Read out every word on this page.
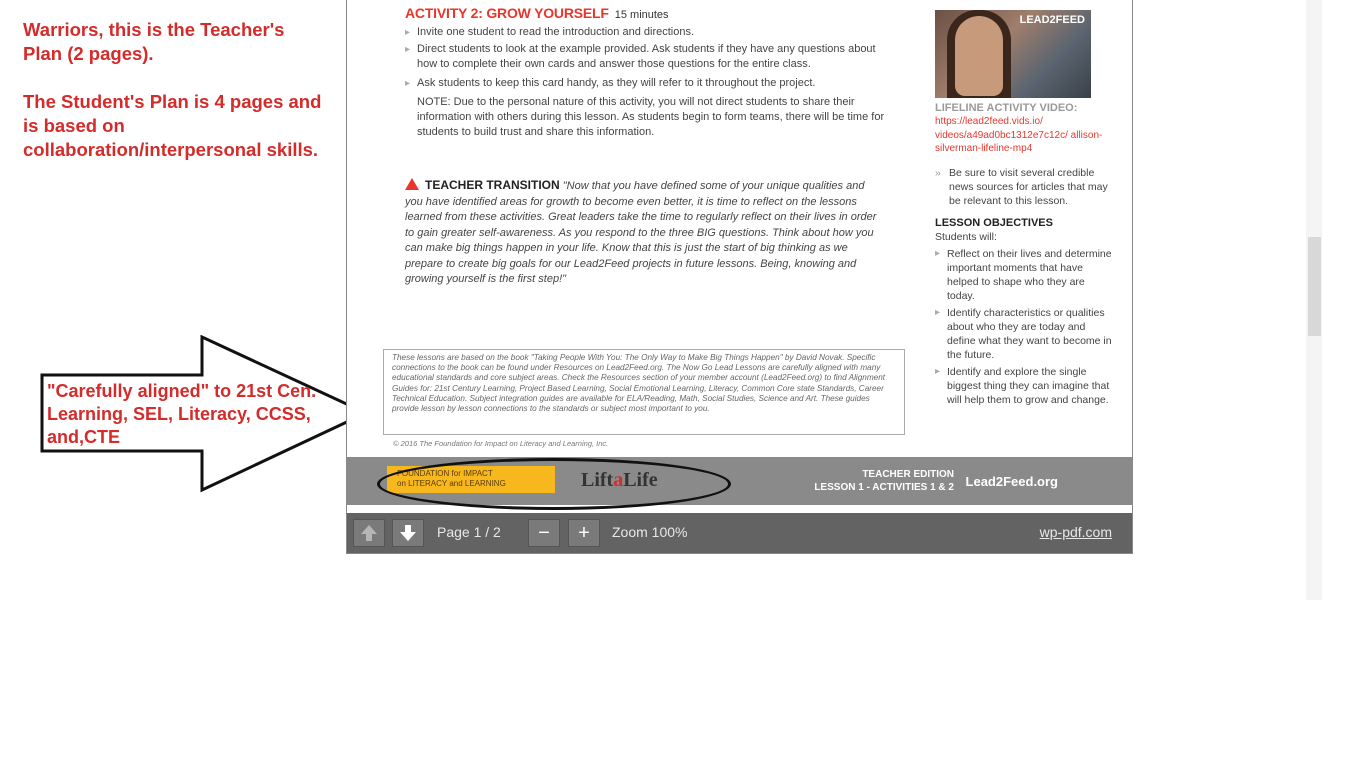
Warriors, this is the Teacher's Plan (2 pages).

The Student's Plan is 4 pages and is based on collaboration/interpersonal skills.

"Carefully aligned" to 21st Cen. Learning, SEL, Literacy, CCSS, and,CTE
ACTIVITY 2: GROW YOURSELF 15 minutes

▸ Invite one student to read the introduction and directions.

▸ Direct students to look at the example provided. Ask students if they have any questions about how to complete their own cards and answer those questions for the entire class.

▸ Ask students to keep this card handy, as they will refer to it throughout the project.

NOTE: Due to the personal nature of this activity, you will not direct students to share their information with others during this lesson. As students begin to form teams, there will be time for students to build trust and share this information.

TEACHER TRANSITION "Now that you have defined some of your unique qualities and you have identified areas for growth to become even better, it is time to reflect on the lessons learned from these activities. Great leaders take the time to regularly reflect on their lives in order to gain greater self-awareness. As you respond to the three BIG questions. Think about how you can make big things happen in your life. Know that this is just the start of big thinking as we prepare to create big goals for our Lead2Feed projects in future lessons. Being, knowing and growing yourself is the first step!"
These lessons are based on the book "Taking People With You: The Only Way to Make Big Things Happen" by David Novak. Specific connections to the book can be found under Resources on Lead2Feed.org. The Now Go Lead Lessons are carefully aligned with many educational standards and core subject areas. Check the Resources section of your member account (Lead2Feed.org) to find Alignment Guides for: 21st Century Learning, Project Based Learning, Social Emotional Learning, Literacy, Common Core state Standards, Career Technical Education. Subject integration guides are available for ELA/Reading, Math, Social Studies, Science and Art. These guides provide lesson by lesson connections to the standards or subject most important to you.
© 2016 The Foundation for Impact on Literacy and Learning, Inc.
LEAD2FEED
LIFELINE ACTIVITY VIDEO:
https://lead2feed.vids.io/ videos/a49ad0bc1312e7c12c/ allison-silverman-lifeline-mp4

» Be sure to visit several credible news sources for articles that may be relevant to this lesson.

LESSON OBJECTIVES
Students will:

▸ Reflect on their lives and determine important moments that have helped to shape who they are today.

▸ Identify characteristics or qualities about who they are today and define what they want to become in the future.

▸ Identify and explore the single biggest thing they can imagine that will help them to grow and change.

FOUNDATION for IMPACT
on LITERACY and LEARNING	LiftaLife	TEACHER EDITION
LESSON 1 - ACTIVITIES 1 & 2 Lead2Feed.org
Page 1 / 2	−	+	Zoom 100%	wp-pdf.com
